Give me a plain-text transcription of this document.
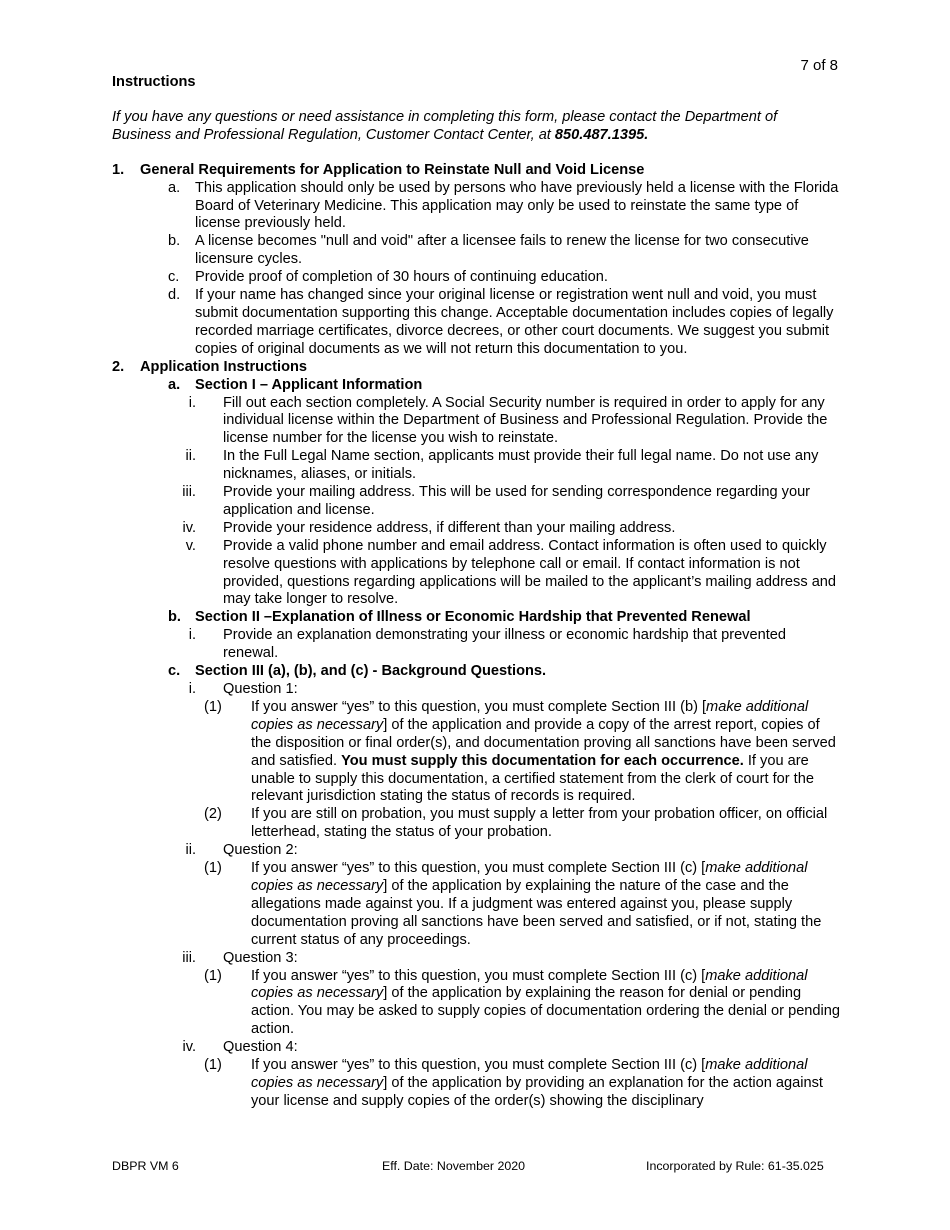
7 of 8
Instructions
If you have any questions or need assistance in completing this form, please contact the Department of Business and Professional Regulation, Customer Contact Center, at 850.487.1395.
1. General Requirements for Application to Reinstate Null and Void License
a. This application should only be used by persons who have previously held a license with the Florida Board of Veterinary Medicine. This application may only be used to reinstate the same type of license previously held.
b. A license becomes "null and void" after a licensee fails to renew the license for two consecutive licensure cycles.
c. Provide proof of completion of 30 hours of continuing education.
d. If your name has changed since your original license or registration went null and void, you must submit documentation supporting this change. Acceptable documentation includes copies of legally recorded marriage certificates, divorce decrees, or other court documents. We suggest you submit copies of original documents as we will not return this documentation to you.
2. Application Instructions
a. Section I – Applicant Information
i. Fill out each section completely. A Social Security number is required in order to apply for any individual license within the Department of Business and Professional Regulation. Provide the license number for the license you wish to reinstate.
ii. In the Full Legal Name section, applicants must provide their full legal name. Do not use any nicknames, aliases, or initials.
iii. Provide your mailing address. This will be used for sending correspondence regarding your application and license.
iv. Provide your residence address, if different than your mailing address.
v. Provide a valid phone number and email address. Contact information is often used to quickly resolve questions with applications by telephone call or email. If contact information is not provided, questions regarding applications will be mailed to the applicant’s mailing address and may take longer to resolve.
b. Section II –Explanation of Illness or Economic Hardship that Prevented Renewal
i. Provide an explanation demonstrating your illness or economic hardship that prevented renewal.
c. Section III (a), (b), and (c) - Background Questions.
i. Question 1:
(1) If you answer “yes” to this question, you must complete Section III (b) [make additional copies as necessary] of the application and provide a copy of the arrest report, copies of the disposition or final order(s), and documentation proving all sanctions have been served and satisfied. You must supply this documentation for each occurrence. If you are unable to supply this documentation, a certified statement from the clerk of court for the relevant jurisdiction stating the status of records is required.
(2) If you are still on probation, you must supply a letter from your probation officer, on official letterhead, stating the status of your probation.
ii. Question 2:
(1) If you answer “yes” to this question, you must complete Section III (c) [make additional copies as necessary] of the application by explaining the nature of the case and the allegations made against you. If a judgment was entered against you, please supply documentation proving all sanctions have been served and satisfied, or if not, stating the current status of any proceedings.
iii. Question 3:
(1) If you answer “yes” to this question, you must complete Section III (c) [make additional copies as necessary] of the application by explaining the reason for denial or pending action. You may be asked to supply copies of documentation ordering the denial or pending action.
iv. Question 4:
(1) If you answer “yes” to this question, you must complete Section III (c) [make additional copies as necessary] of the application by providing an explanation for the action against your license and supply copies of the order(s) showing the disciplinary
DBPR VM 6	Eff. Date: November 2020	Incorporated by Rule: 61-35.025
